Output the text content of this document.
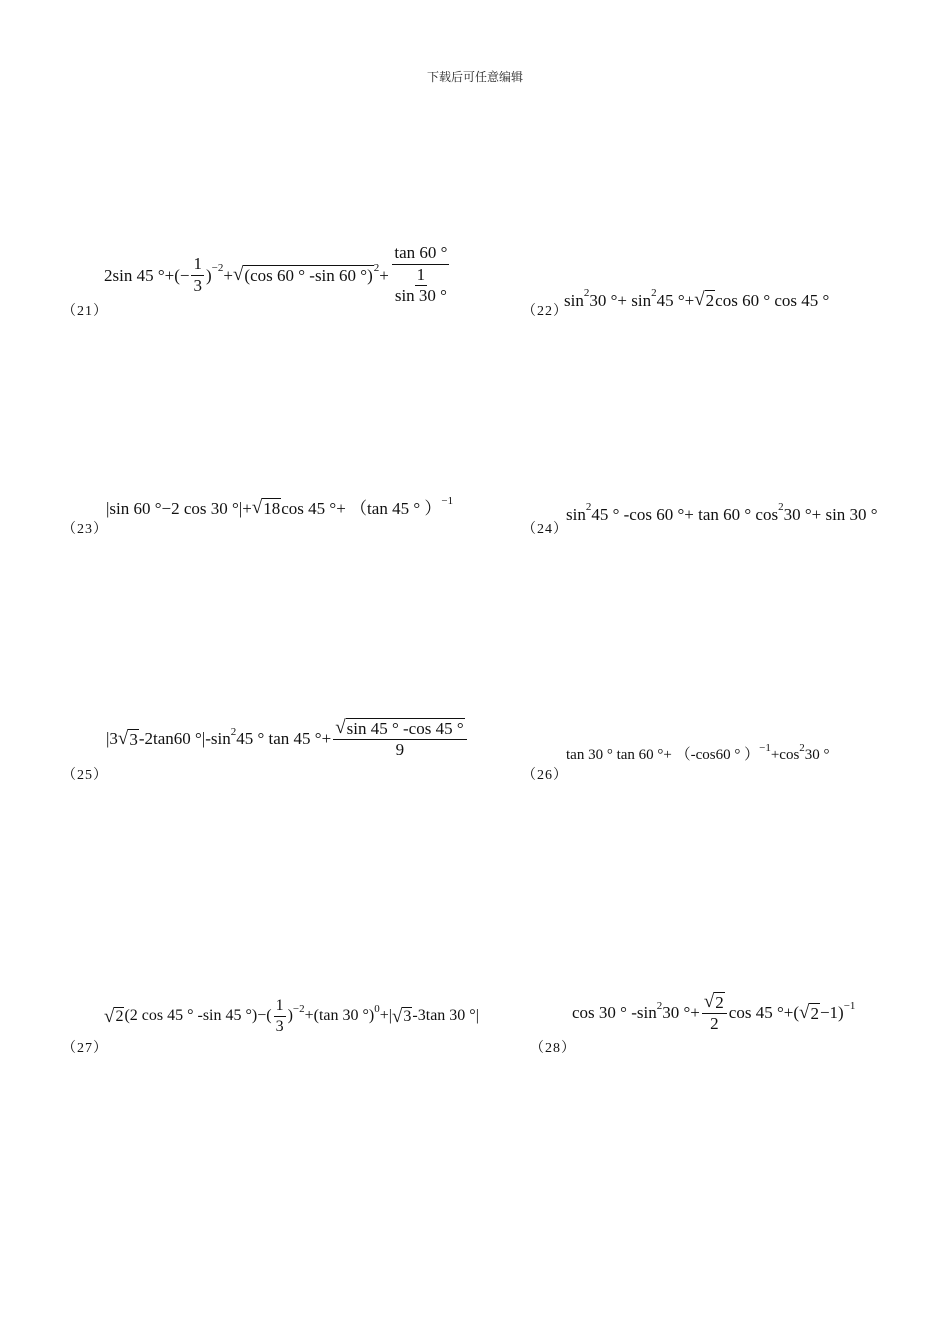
下载后可任意编辑
（21）
2sin 45 °+(− $\frac{1}{3} )^{-2}+$ √ (cos 60 ° -sin 60 °) $^2+ \frac{\tan 60 ^\circ}{\frac{1}{\sin 30 ^\circ}}$
（22）
$\sin^230$ °+ $\sin^245$ °+ √ 2 cos 60 ° cos 45 °
（23）
|sin 60 °−2 cos 30 °|+ √ 18 cos 45 °+ （tan 45 ° ）$^{-1}$
（24）
$\sin^245$ ° -cos 60 °+ tan 60 ° $\cos^230$ °+ sin 30 °
（25）
|3 √ 3 -2tan60 $^\circ|-\sin^245$ ° tan 45 °+ $\frac{√ \sin 45 ^\circ -\cos 45 ^\circ}{9}$
（26）
tan 30 ° tan 60 °+ （-cos60 ° ）$^{-1}+\cos^230$ °
（27）
√ 2 (2 cos 45 ° -sin 45 °)−( $\frac{1}{3} )^{-2}+(\tan$ 30 °)$^0$+| √ 3 -3tan 30 °|
（28）
cos 30 ° $-\sin^230$ °+ $\frac{√ 2}{2}$ cos 45 °+( √ 2 −1)$^{-1}$
